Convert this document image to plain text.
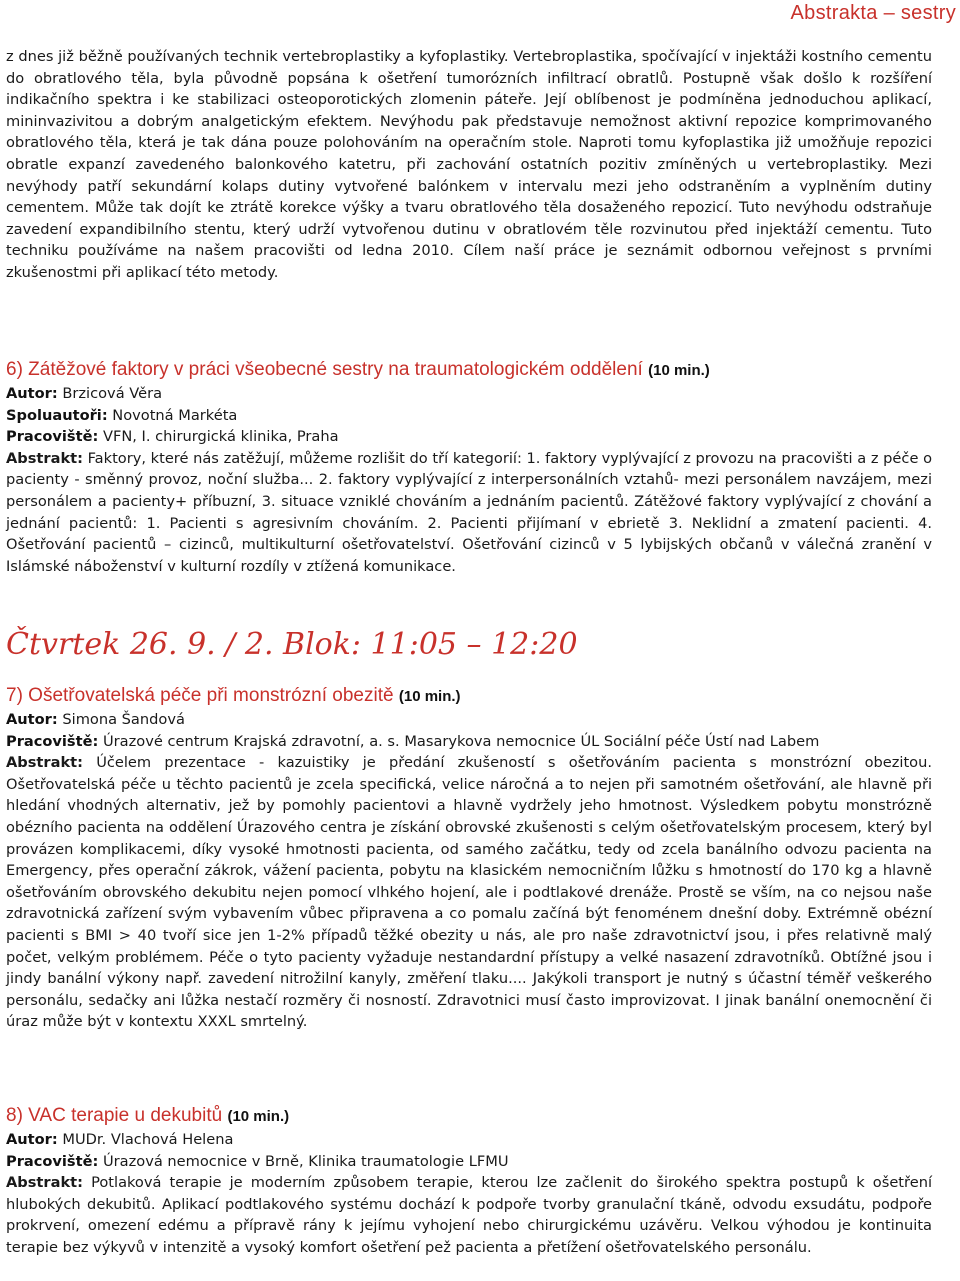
Abstrakta – sestry

z dnes již běžně používaných technik vertebroplastiky a kyfoplastiky. Vertebroplastika, spočívající v injektáži kostního cementu do obratlového těla, byla původně popsána k ošetření tumorózních infiltrací obratlů. Postupně však došlo k rozšíření indikačního spektra i ke stabilizaci osteoporotických zlomenin páteře. Její oblíbenost je podmíněna jednoduchou aplikací, mininvazivitou a dobrým analgetickým efektem. Nevýhodu pak představuje nemožnost aktivní repozice komprimovaného obratlového těla, která je tak dána pouze polohováním na operačním stole. Naproti tomu kyfoplastika již umožňuje repozici obratle expanzí zavedeného balonkového katetru, při zachování ostatních pozitiv zmíněných u vertebroplastiky. Mezi nevýhody patří sekundární kolaps dutiny vytvořené balónkem v intervalu mezi jeho odstraněním a vyplněním dutiny cementem. Může tak dojít ke ztrátě korekce výšky a tvaru obratlového těla dosaženého repozicí. Tuto nevýhodu odstraňuje zavedení expandibilního stentu, který udrží vytvořenou dutinu v obratlovém těle rozvinutou před injektáží cementu. Tuto techniku používáme na našem pracovišti od ledna 2010. Cílem naší práce je seznámit odbornou veřejnost s prvními zkušenostmi při aplikací této metody.

6) Zátěžové faktory v práci všeobecné sestry na traumatologickém oddělení (10 min.)

Autor: Brzicová Věra

Spoluautoři: Novotná Markéta

Pracoviště: VFN, I. chirurgická klinika, Praha

Abstrakt: Faktory, které nás zatěžují, můžeme rozlišit do tří kategorií: 1. faktory vyplývající z provozu na pracovišti a z péče o pacienty - směnný provoz, noční služba... 2. faktory vyplývající z interpersonálních vztahů- mezi personálem navzájem, mezi personálem a pacienty+ příbuzní, 3. situace vzniklé chováním a jednáním pacientů. Zátěžové faktory vyplývající z chování a jednání pacientů: 1. Pacienti s agresivním chováním. 2. Pacienti přijímaní v ebrietě 3. Neklidní a zmatení pacienti. 4. Ošetřování pacientů – cizinců, multikulturní ošetřovatelství. Ošetřování cizinců v 5 lybijských občanů v válečná zranění v Islámské náboženství v kulturní rozdíly v ztížená komunikace.

Čtvrtek 26. 9. / 2. Blok: 11:05 – 12:20

7) Ošetřovatelská péče při monstrózní obezitě (10 min.)

Autor: Simona Šandová

Pracoviště: Úrazové centrum Krajská zdravotní, a. s. Masarykova nemocnice ÚL Sociální péče Ústí nad Labem

Abstrakt: Účelem prezentace - kazuistiky je předání zkušeností s ošetřováním pacienta s monstrózní obezitou. Ošetřovatelská péče u těchto pacientů je zcela specifická, velice náročná a to nejen při samotném ošetřování, ale hlavně při hledání vhodných alternativ, jež by pomohly pacientovi a hlavně vydržely jeho hmotnost. Výsledkem pobytu monstrózně obézního pacienta na oddělení Úrazového centra je získání obrovské zkušenosti s celým ošetřovatelským procesem, který byl provázen komplikacemi, díky vysoké hmotnosti pacienta, od samého začátku, tedy od zcela banálního odvozu pacienta na Emergency, přes operační zákrok, vážení pacienta, pobytu na klasickém nemocničním lůžku s hmotností do 170 kg a hlavně ošetřováním obrovského dekubitu nejen pomocí vlhkého hojení, ale i podtlakové drenáže. Prostě se vším, na co nejsou naše zdravotnická zařízení svým vybavením vůbec připravena a co pomalu začíná být fenoménem dnešní doby. Extrémně obézní pacienti s BMI > 40 tvoří sice jen 1-2% případů těžké obezity u nás, ale pro naše zdravotnictví jsou, i přes relativně malý počet, velkým problémem. Péče o tyto pacienty vyžaduje nestandardní přístupy a velké nasazení zdravotníků. Obtížné jsou i jindy banální výkony např. zavedení nitrožilní kanyly, změření tlaku.... Jakýkoli transport je nutný s účastní téměř veškerého personálu, sedačky ani lůžka nestačí rozměry či nosností. Zdravotnici musí často improvizovat. I jinak banální onemocnění či úraz může být v kontextu XXXL smrtelný.

8) VAC terapie u dekubitů (10 min.)

Autor: MUDr. Vlachová Helena

Pracoviště: Úrazová nemocnice v Brně, Klinika traumatologie LFMU

Abstrakt: Potlaková terapie je moderním způsobem terapie, kterou lze začlenit do širokého spektra postupů k ošetření hlubokých dekubitů. Aplikací podtlakového systému dochází k podpoře tvorby granulační tkáně, odvodu exsudátu, podpoře prokrvení, omezení edému a přípravě rány k jejímu vyhojení nebo chirurgickému uzávěru. Velkou výhodou je kontinuita terapie bez výkyvů v intenzitě a vysoký komfort ošetření pež pacienta a přetížení ošetřovatelského personálu.
